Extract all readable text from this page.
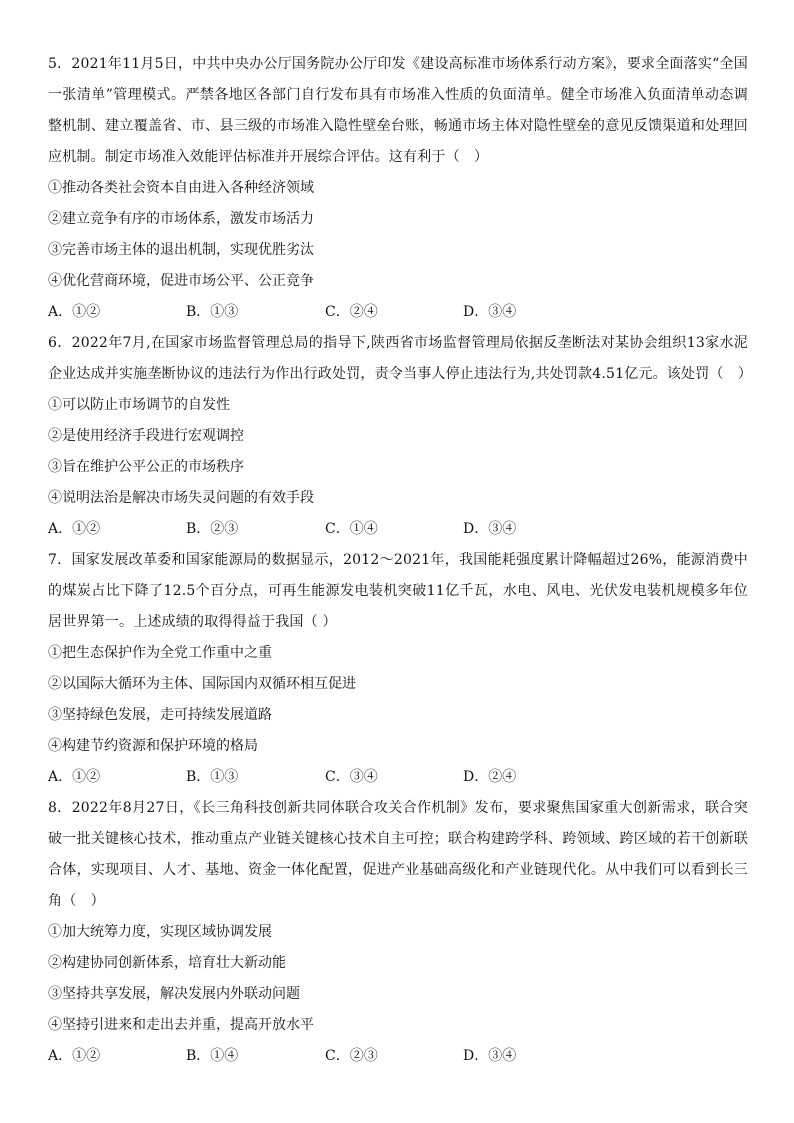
5．2021年11月5日，中共中央办公厅国务院办公厅印发《建设高标准市场体系行动方案》，要求全面落实“全国一张清单”管理模式。严禁各地区各部门自行发布具有市场准入性质的负面清单。健全市场准入负面清单动态调整机制、建立覆盖省、市、县三级的市场准入隐性壁垒台账，畅通市场主体对隐性壁垒的意见反馈渠道和处理回应机制。制定市场准入效能评估标准并开展综合评估。这有利于（　）

①推动各类社会资本自由进入各种经济领域

②建立竞争有序的市场体系，激发市场活力

③完善市场主体的退出机制，实现优胜劣汰

④优化营商环境，促进市场公平、公正竞争

A．①②	B．①③	C．②④	D．③④

6．2022年7月,在国家市场监督管理总局的指导下,陕西省市场监督管理局依据反垄断法对某协会组织13家水泥企业达成并实施垄断协议的违法行为作出行政处罚，责令当事人停止违法行为,共处罚款4.51亿元。该处罚（　）

①可以防止市场调节的自发性

②是使用经济手段进行宏观调控

③旨在维护公平公正的市场秩序

④说明法治是解决市场失灵问题的有效手段

A．①②	B．②③	C．①④	D．③④

7．国家发展改革委和国家能源局的数据显示，2012～2021年，我国能耗强度累计降幅超过26%，能源消费中的煤炭占比下降了12.5个百分点，可再生能源发电装机突破11亿千瓦，水电、风电、光伏发电装机规模多年位居世界第一。上述成绩的取得得益于我国（ ）

①把生态保护作为全党工作重中之重

②以国际大循环为主体、国际国内双循环相互促进

③坚持绿色发展，走可持续发展道路

④构建节约资源和保护环境的格局

A．①②	B．①③	C．③④	D．②④

8．2022年8月27日，《长三角科技创新共同体联合攻关合作机制》发布，要求聚焦国家重大创新需求，联合突破一批关键核心技术，推动重点产业链关键核心技术自主可控；联合构建跨学科、跨领域、跨区域的若干创新联合体，实现项目、人才、基地、资金一体化配置，促进产业基础高级化和产业链现代化。从中我们可以看到长三角（　）

①加大统筹力度，实现区域协调发展

②构建协同创新体系，培育壮大新动能

③坚持共享发展，解决发展内外联动问题

④坚持引进来和走出去并重，提高开放水平

A．①②	B．①④	C．②③	D．③④
